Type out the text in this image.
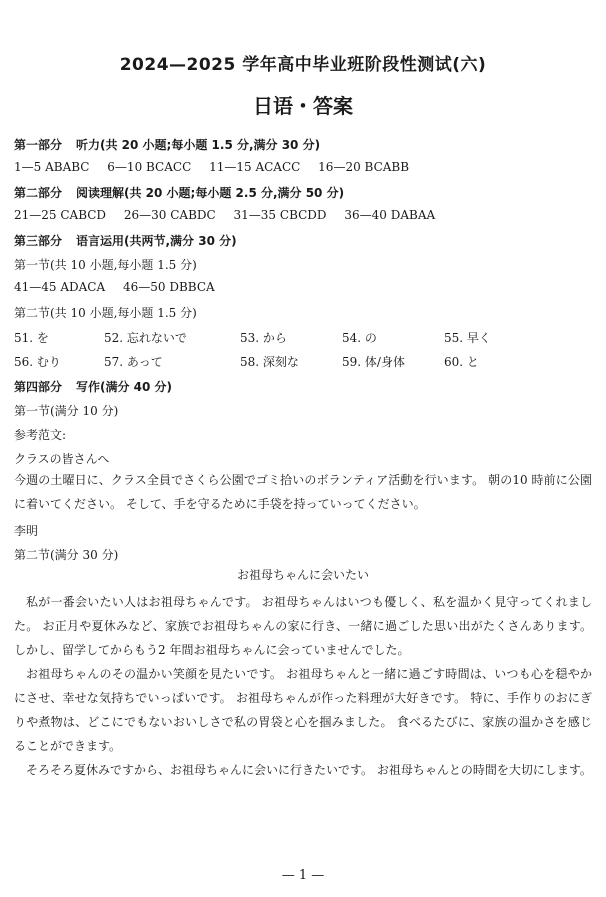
2024—2025 学年高中毕业班阶段性测试(六)
日语・答案
第一部分 听力(共 20 小题;每小题 1.5 分,满分 30 分)
1—5 ABABC 6—10 BCACC 11—15 ACACC 16—20 BCABB
第二部分 阅读理解(共 20 小题;每小题 2.5 分,满分 50 分)
21—25 CABCD 26—30 CABDC 31—35 CBCDD 36—40 DABAA
第三部分 语言运用(共两节,满分 30 分)
第一节(共 10 小题,每小题 1.5 分)
41—45 ADACA 46—50 DBBCA
第二节(共 10 小题,每小题 1.5 分)
51. を	52. 忘れないで	53. から	54. の	55. 早く
56. むり	57. あって	58. 深刻な	59. 体/身体	60. と
第四部分 写作(满分 40 分)
第一节(满分 10 分)
参考范文:
クラスの皆さんへ
今週の土曜日に、クラス全員でさくら公園でゴミ拾いのボランティア活動を行います。 朝の10 時前に公園に着いてください。 そして、手を守るために手袋を持っていってください。
李明
第二节(满分 30 分)
お祖母ちゃんに会いたい
私が一番会いたい人はお祖母ちゃんです。 お祖母ちゃんはいつも優しく、私を温かく見守ってくれました。 お正月や夏休みなど、家族でお祖母ちゃんの家に行き、一緒に過ごした思い出がたくさんあります。しかし、留学してからもう2 年間お祖母ちゃんに会っていませんでした。
お祖母ちゃんのその温かい笑顔を見たいです。 お祖母ちゃんと一緒に過ごす時間は、いつも心を穏やかにさせ、幸せな気持ちでいっぱいです。 お祖母ちゃんが作った料理が大好きです。 特に、手作りのおにぎりや煮物は、どこにでもないおいしさで私の胃袋と心を掴みました。 食べるたびに、家族の温かさを感じることができます。
そろそろ夏休みですから、お祖母ちゃんに会いに行きたいです。 お祖母ちゃんとの時間を大切にします。
— 1 —
